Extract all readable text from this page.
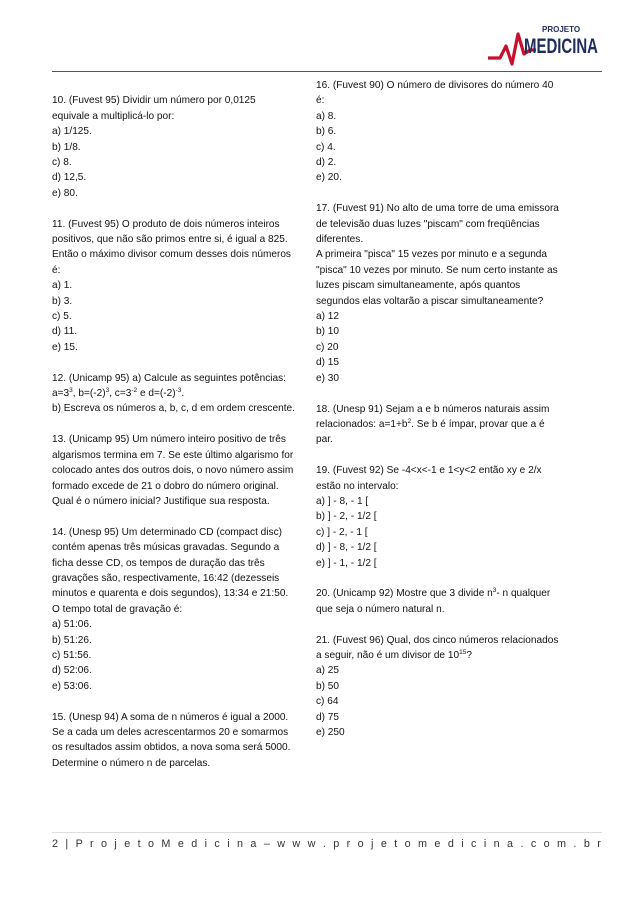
PROJETO
MEDICINA

10. (Fuvest 95) Dividir um número por 0,0125

equivale a multiplicá-lo por:

a) 1/125.

b) 1/8.

c) 8.

d) 12,5.

e) 80.

11. (Fuvest 95) O produto de dois números inteiros

positivos, que não são primos entre si, é igual a 825.

Então o máximo divisor comum desses dois números

é:

a) 1.

b) 3.

c) 5.

d) 11.

e) 15.

12. (Unicamp 95) a) Calcule as seguintes potências:

$a=3^3$, $b=(-2)^3$, $c=3^{-2}$ e $d=(-2)^{-3}$.

b) Escreva os números a, b, c, d em ordem crescente.

13. (Unicamp 95) Um número inteiro positivo de três

algarismos termina em 7. Se este último algarismo for

colocado antes dos outros dois, o novo número assim

formado excede de 21 o dobro do número original.

Qual é o número inicial? Justifique sua resposta.

14. (Unesp 95) Um determinado CD (compact disc)

contém apenas três músicas gravadas. Segundo a

ficha desse CD, os tempos de duração das três

gravações são, respectivamente, 16:42 (dezesseis

minutos e quarenta e dois segundos), 13:34 e 21:50.

O tempo total de gravação é:

a) 51:06.

b) 51:26.

c) 51:56.

d) 52:06.

e) 53:06.

15. (Unesp 94) A soma de n números é igual a 2000.

Se a cada um deles acrescentarmos 20 e somarmos

os resultados assim obtidos, a nova soma será 5000.

Determine o número n de parcelas.

16. (Fuvest 90) O número de divisores do número 40

é:

a) 8.

b) 6.

c) 4.

d) 2.

e) 20.

17. (Fuvest 91) No alto de uma torre de uma emissora

de televisão duas luzes "piscam" com freqüências

diferentes.

A primeira "pisca" 15 vezes por minuto e a segunda

"pisca" 10 vezes por minuto. Se num certo instante as

luzes piscam simultaneamente, após quantos

segundos elas voltarão a piscar simultaneamente?

a) 12

b) 10

c) 20

d) 15

e) 30

18. (Unesp 91) Sejam a e b números naturais assim

relacionados: $a=1+b^2$. Se b é ímpar, provar que a é

par.

19. (Fuvest 92) Se -4<x<-1 e 1<y<2 então xy e 2/x

estão no intervalo:

a) ] - 8, - 1 [

b) ] - 2, - 1/2 [

c) ] - 2, - 1 [

d) ] - 8, - 1/2 [

e) ] - 1, - 1/2 [

20. (Unicamp 92) Mostre que 3 divide $n^3-$ n qualquer

que seja o número natural n.

21. (Fuvest 96) Qual, dos cinco números relacionados

a seguir, não é um divisor de $10^{15}$?

a) 25

b) 50

c) 64

d) 75

e) 250

2 | P r o j e t o M e d i c i n a – w w w . p r o j e t o m e d i c i n a . c o m . b r
